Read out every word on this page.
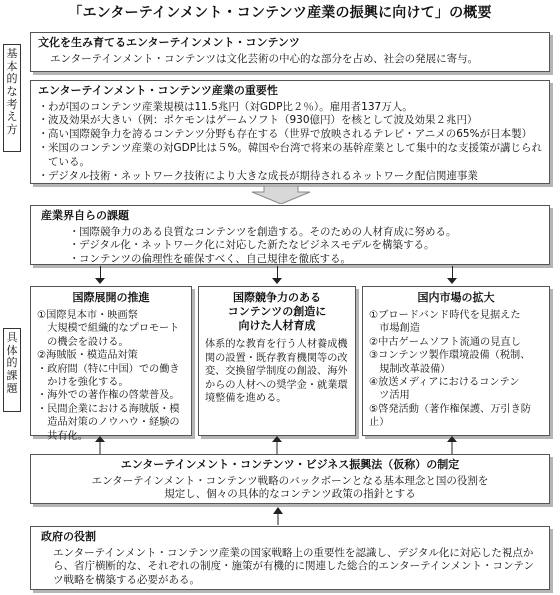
「エンターテインメント・コンテンツ産業の振興に向けて」の概要
基本的な考え方
具体的課題
文化を生み育てるエンターテインメント・コンテンツ
エンターテインメント・コンテンツは文化芸術の中心的な部分を占め、社会の発展に寄与。
エンターテインメント・コンテンツ産業の重要性
・ わが国のコンテンツ産業規模は11.5兆円（対GDP比２％）。雇用者137万人。
・ 波及効果が大きい（例：ポケモンはゲームソフト（930億円）を核として波及効果２兆円）
・ 高い国際競争力を誇るコンテンツ分野も存在する（世界で放映されるテレビ・アニメの65%が日本製）
・ 米国のコンテンツ産業の対GDP比は５%。韓国や台湾で将来の基幹産業として集中的な支援策が講じられている。
・ デジタル技術・ネットワーク技術により大きな成長が期待されるネットワーク配信関連事業
産業界自らの課題
・ 国際競争力のある良質なコンテンツを創造する。そのための人材育成に努める。
・ デジタル化・ネットワーク化に対応した新たなビジネスモデルを構築する。
・ コンテンツの倫理性を確保すべく、自己規律を徹底する。
国際展開の推進
①国際見本市・映画祭
　大規模で組織的なプロモート
　の機会を設ける。
②海賊版・模造品対策
・政府間（特に中国）での働き
　かけを強化する。
・海外での著作権の啓蒙普及。
・民間企業における海賊版・模
　造品対策のノウハウ・経験の
　共有化。
国際競争力のある
コンテンツの創造に
向けた人材育成
体系的な教育を行う人材養成機関の設置・既存教育機関等の改変、交換留学制度の創設、海外からの人材への奨学金・就業環境整備を進める。
国内市場の拡大
①ブロードバンド時代を見据えた
　市場創造
②中古ゲームソフト流通の見直し
③コンテンツ製作環境設備（税制、
　規制改革設備）
④放送メディアにおけるコンテン
　ツ活用
⑤啓発活動（著作権保護、万引き防止）
エンターテインメント・コンテンツ・ビジネス振興法（仮称）の制定
エンターテインメント・コンテンツ戦略のバックボーンとなる基本理念と国の役割を
規定し、個々の具体的なコンテンツ政策の指針とする
政府の役割
エンターテインメント・コンテンツ産業の国家戦略上の重要性を認識し、デジタル化に対応した視点から、省庁横断的な、それぞれの制度・施策が有機的に関連した総合的エンターテインメント・コンテンツ戦略を構築する必要がある。
